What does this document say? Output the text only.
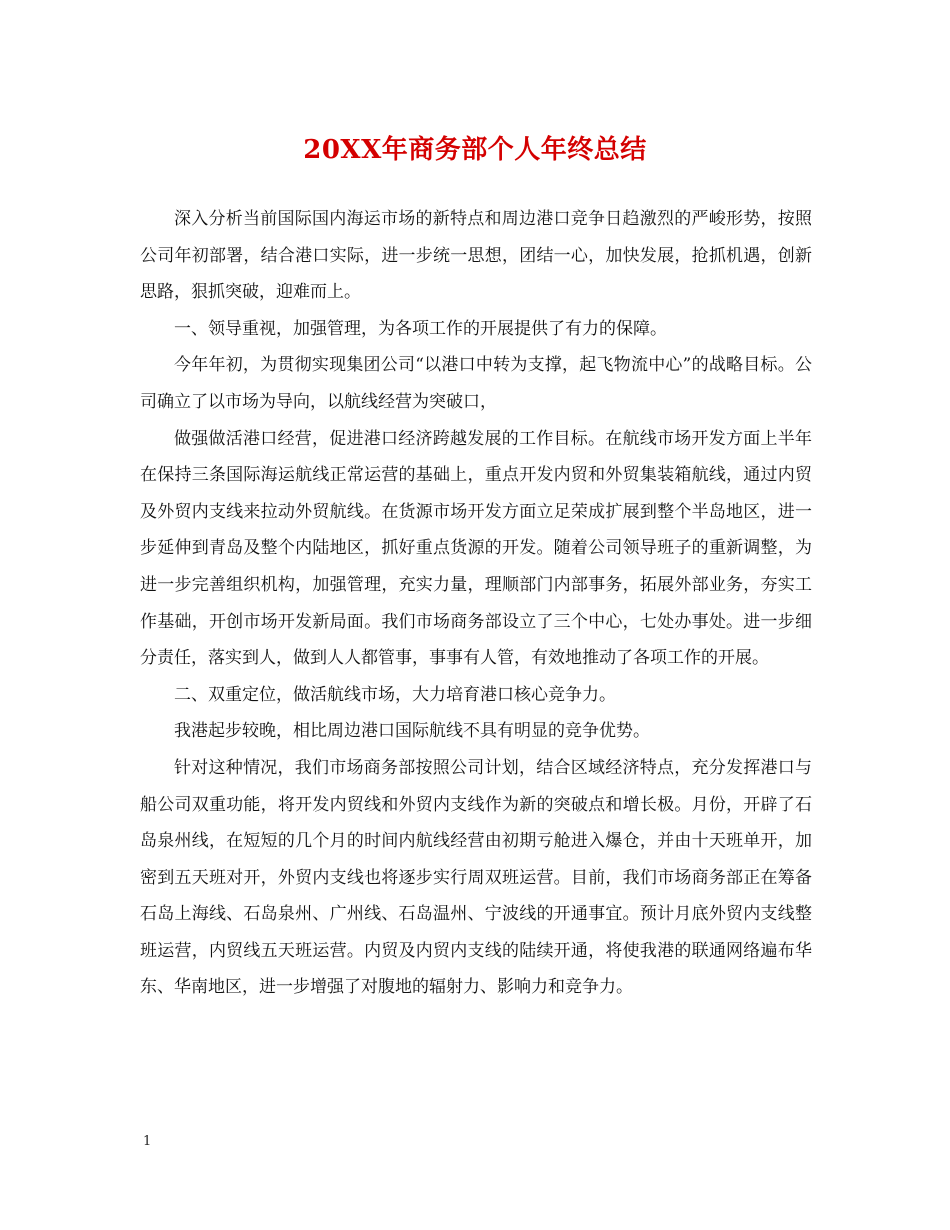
20XX年商务部个人年终总结

深入分析当前国际国内海运市场的新特点和周边港口竞争日趋激烈的严峻形势，按照公司年初部署，结合港口实际，进一步统一思想，团结一心，加快发展，抢抓机遇，创新思路，狠抓突破，迎难而上。

一、领导重视，加强管理，为各项工作的开展提供了有力的保障。

今年年初，为贯彻实现集团公司“以港口中转为支撑，起飞物流中心”的战略目标。公司确立了以市场为导向，以航线经营为突破口，

做强做活港口经营，促进港口经济跨越发展的工作目标。在航线市场开发方面上半年在保持三条国际海运航线正常运营的基础上，重点开发内贸和外贸集装箱航线，通过内贸及外贸内支线来拉动外贸航线。在货源市场开发方面立足荣成扩展到整个半岛地区，进一步延伸到青岛及整个内陆地区，抓好重点货源的开发。随着公司领导班子的重新调整，为进一步完善组织机构，加强管理，充实力量，理顺部门内部事务，拓展外部业务，夯实工作基础，开创市场开发新局面。我们市场商务部设立了三个中心，七处办事处。进一步细分责任，落实到人，做到人人都管事，事事有人管，有效地推动了各项工作的开展。

二、双重定位，做活航线市场，大力培育港口核心竞争力。

我港起步较晚，相比周边港口国际航线不具有明显的竞争优势。

针对这种情况，我们市场商务部按照公司计划，结合区域经济特点，充分发挥港口与船公司双重功能，将开发内贸线和外贸内支线作为新的突破点和增长极。月份，开辟了石岛泉州线，在短短的几个月的时间内航线经营由初期亏舱进入爆仓，并由十天班单开，加密到五天班对开，外贸内支线也将逐步实行周双班运营。目前，我们市场商务部正在筹备石岛上海线、石岛泉州、广州线、石岛温州、宁波线的开通事宜。预计月底外贸内支线整班运营，内贸线五天班运营。内贸及内贸内支线的陆续开通，将使我港的联通网络遍布华东、华南地区，进一步增强了对腹地的辐射力、影响力和竞争力。

1
